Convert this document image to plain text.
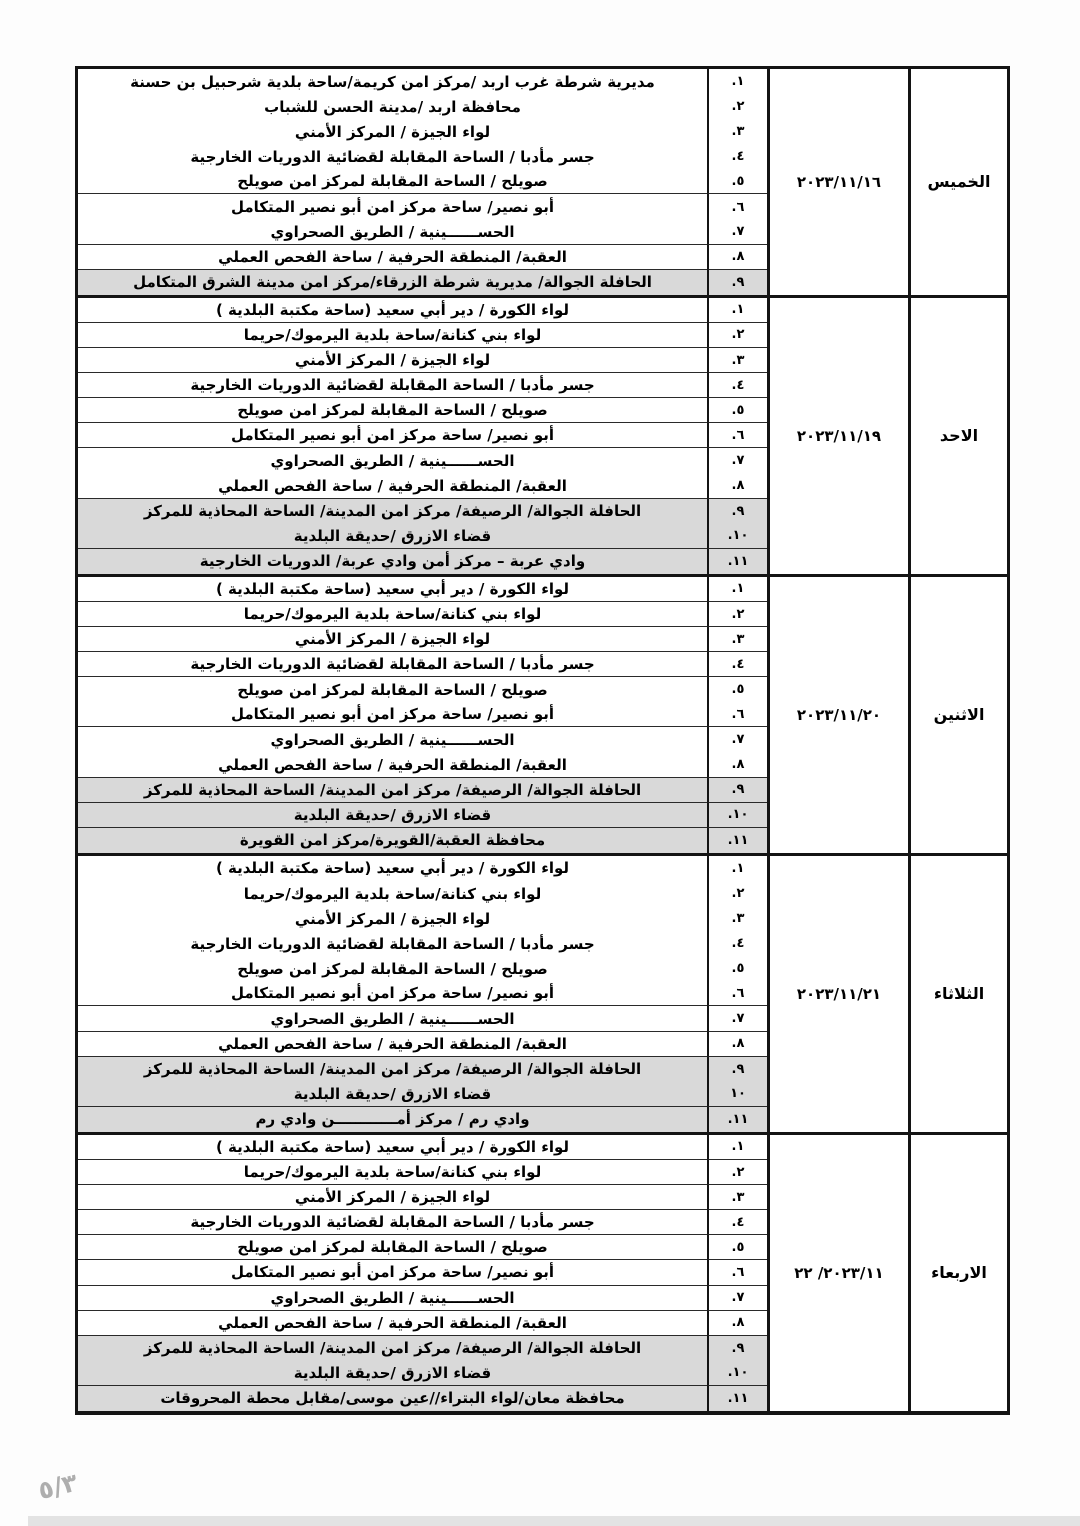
الخميس
٢٠٢٣/١١/١٦
.١
مديرية شرطة غرب اربد /مركز امن كريمة/ساحة بلدية شرحبيل بن حسنة
.٢
محافظة اربد /مدينة الحسن للشباب
.٣
لواء الجيزة / المركز الأمني
.٤
جسر مأدبا / الساحة المقابلة لقضائية الدوريات الخارجية
.٥
صويلح / الساحة المقابلة لمركز امن صويلح
.٦
أبو نصير/ ساحة مركز امن أبو نصير المتكامل
.٧
الحســــــينية / الطريق الصحراوي
.٨
العقبة/ المنطقة الحرفية / ساحة الفحص العملي
.٩
الحافلة الجوالة/ مديرية شرطة الزرقاء/مركز امن مدينة الشرق المتكامل
الاحد
٢٠٢٣/١١/١٩
.١
لواء الكورة / دير أبي سعيد (ساحة مكتبة البلدية )
.٢
لواء بني كنانة/ساحة بلدية اليرموك/حريما
.٣
لواء الجيزة / المركز الأمني
.٤
جسر مأدبا / الساحة المقابلة لقضائية الدوريات الخارجية
.٥
صويلح / الساحة المقابلة لمركز امن صويلح
.٦
أبو نصير/ ساحة مركز امن أبو نصير المتكامل
.٧
الحســــــينية / الطريق الصحراوي
.٨
العقبة/ المنطقة الحرفية / ساحة الفحص العملي
.٩
الحافلة الجوالة/ الرصيفة/ مركز امن المدينة/ الساحة المحاذية للمركز
.١٠
قضاء الازرق /حديقة البلدية
.١١
وادي عربة – مركز أمن وادي عربة/ الدوريات الخارجية
الاثنين
٢٠٢٣/١١/٢٠
.١
لواء الكورة / دير أبي سعيد (ساحة مكتبة البلدية )
.٢
لواء بني كنانة/ساحة بلدية اليرموك/حريما
.٣
لواء الجيزة / المركز الأمني
.٤
جسر مأدبا / الساحة المقابلة لقضائية الدوريات الخارجية
.٥
صويلح / الساحة المقابلة لمركز امن صويلح
.٦
أبو نصير/ ساحة مركز امن أبو نصير المتكامل
.٧
الحســــــينية / الطريق الصحراوي
.٨
العقبة/ المنطقة الحرفية / ساحة الفحص العملي
.٩
الحافلة الجوالة/ الرصيفة/ مركز امن المدينة/ الساحة المحاذية للمركز
.١٠
قضاء الازرق /حديقة البلدية
.١١
محافظة العقبة/القويرة/مركز امن القويرة
الثلاثاء
٢٠٢٣/١١/٢١
.١
لواء الكورة / دير أبي سعيد (ساحة مكتبة البلدية )
.٢
لواء بني كنانة/ساحة بلدية اليرموك/حريما
.٣
لواء الجيزة / المركز الأمني
.٤
جسر مأدبا / الساحة المقابلة لقضائية الدوريات الخارجية
.٥
صويلح / الساحة المقابلة لمركز امن صويلح
.٦
أبو نصير/ ساحة مركز امن أبو نصير المتكامل
.٧
الحســــــينية / الطريق الصحراوي
.٨
العقبة/ المنطقة الحرفية / ساحة الفحص العملي
.٩
الحافلة الجوالة/ الرصيفة/ مركز امن المدينة/ الساحة المحاذية للمركز
١٠
قضاء الازرق /حديقة البلدية
.١١
وادي رم / مركز أمــــــــــــن وادي رم
الاربعاء
٢٠٢٣/١١/ ٢٢
.١
لواء الكورة / دير أبي سعيد (ساحة مكتبة البلدية )
.٢
لواء بني كنانة/ساحة بلدية اليرموك/حريما
.٣
لواء الجيزة / المركز الأمني
.٤
جسر مأدبا / الساحة المقابلة لقضائية الدوريات الخارجية
.٥
صويلح / الساحة المقابلة لمركز امن صويلح
.٦
أبو نصير/ ساحة مركز امن أبو نصير المتكامل
.٧
الحســــــينية / الطريق الصحراوي
.٨
العقبة/ المنطقة الحرفية / ساحة الفحص العملي
.٩
الحافلة الجوالة/ الرصيفة/ مركز امن المدينة/ الساحة المحاذية للمركز
.١٠
قضاء الازرق /حديقة البلدية
.١١
محافظة معان/لواء البتراء//عين موسى/مقابل محطة المحروقات
٥/٣
